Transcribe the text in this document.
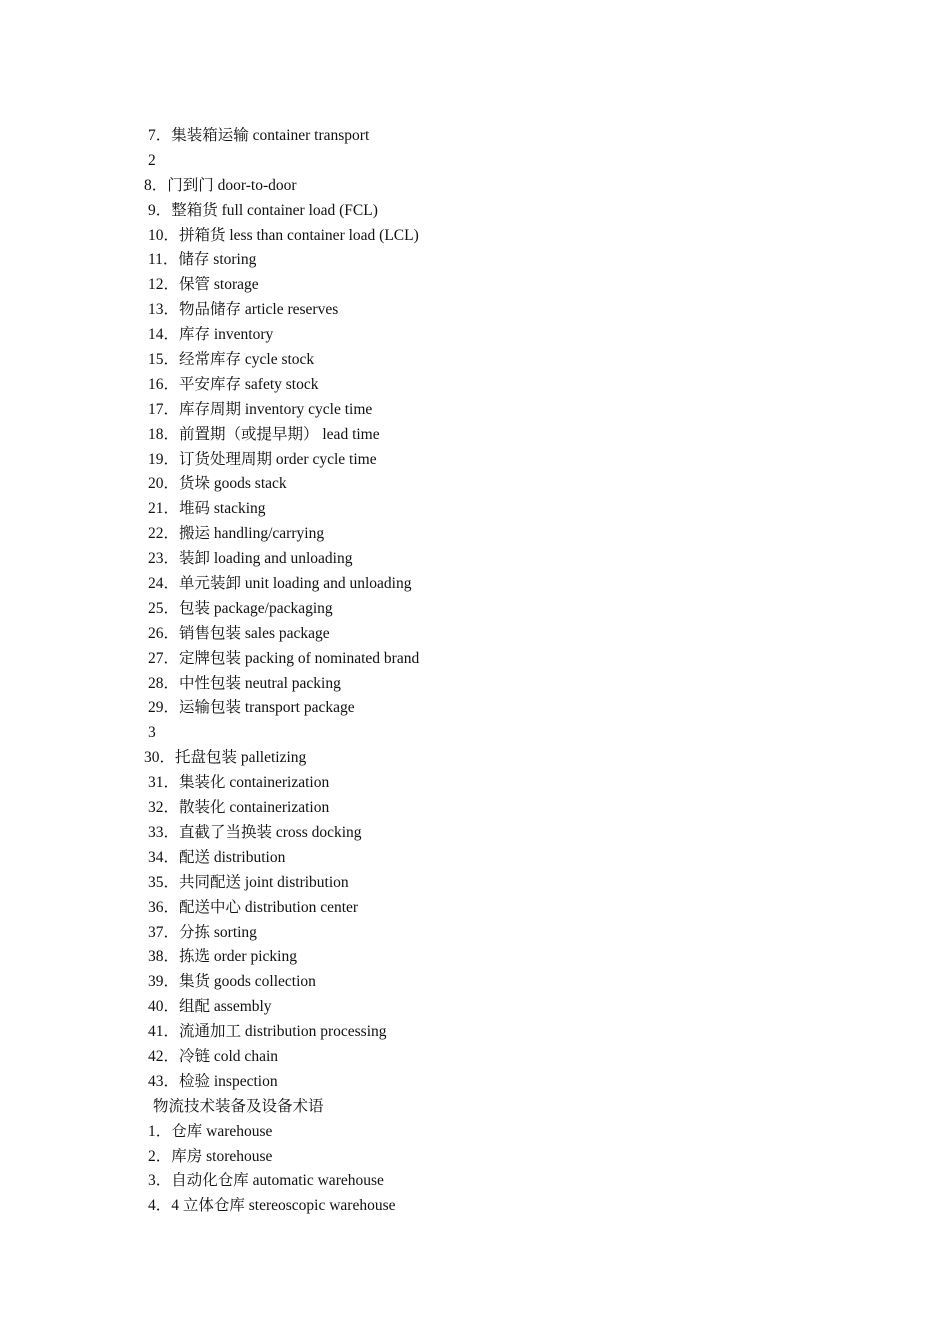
7．集装箱运输 container transport
2
8．门到门 door-to-door
9．整箱货 full container load (FCL)
10．拼箱货 less than container load (LCL)
11．储存 storing
12．保管 storage
13．物品储存 article reserves
14．库存 inventory
15．经常库存 cycle stock
16．平安库存 safety stock
17．库存周期 inventory cycle time
18．前置期（或提早期） lead time
19．订货处理周期 order cycle time
20．货垛 goods stack
21．堆码 stacking
22．搬运 handling/carrying
23．装卸 loading and unloading
24．单元装卸 unit loading and unloading
25．包装 package/packaging
26．销售包装 sales package
27．定牌包装 packing of nominated brand
28．中性包装 neutral packing
29．运输包装 transport package
3
30．托盘包装 palletizing
31．集装化 containerization
32．散装化 containerization
33．直截了当换装 cross docking
34．配送 distribution
35．共同配送 joint distribution
36．配送中心 distribution center
37．分拣 sorting
38．拣选 order picking
39．集货 goods collection
40．组配 assembly
41．流通加工 distribution processing
42．冷链 cold chain
43．检验 inspection
物流技术装备及设备术语
1．仓库 warehouse
2．库房 storehouse
3．自动化仓库 automatic warehouse
4．4 立体仓库 stereoscopic warehouse
